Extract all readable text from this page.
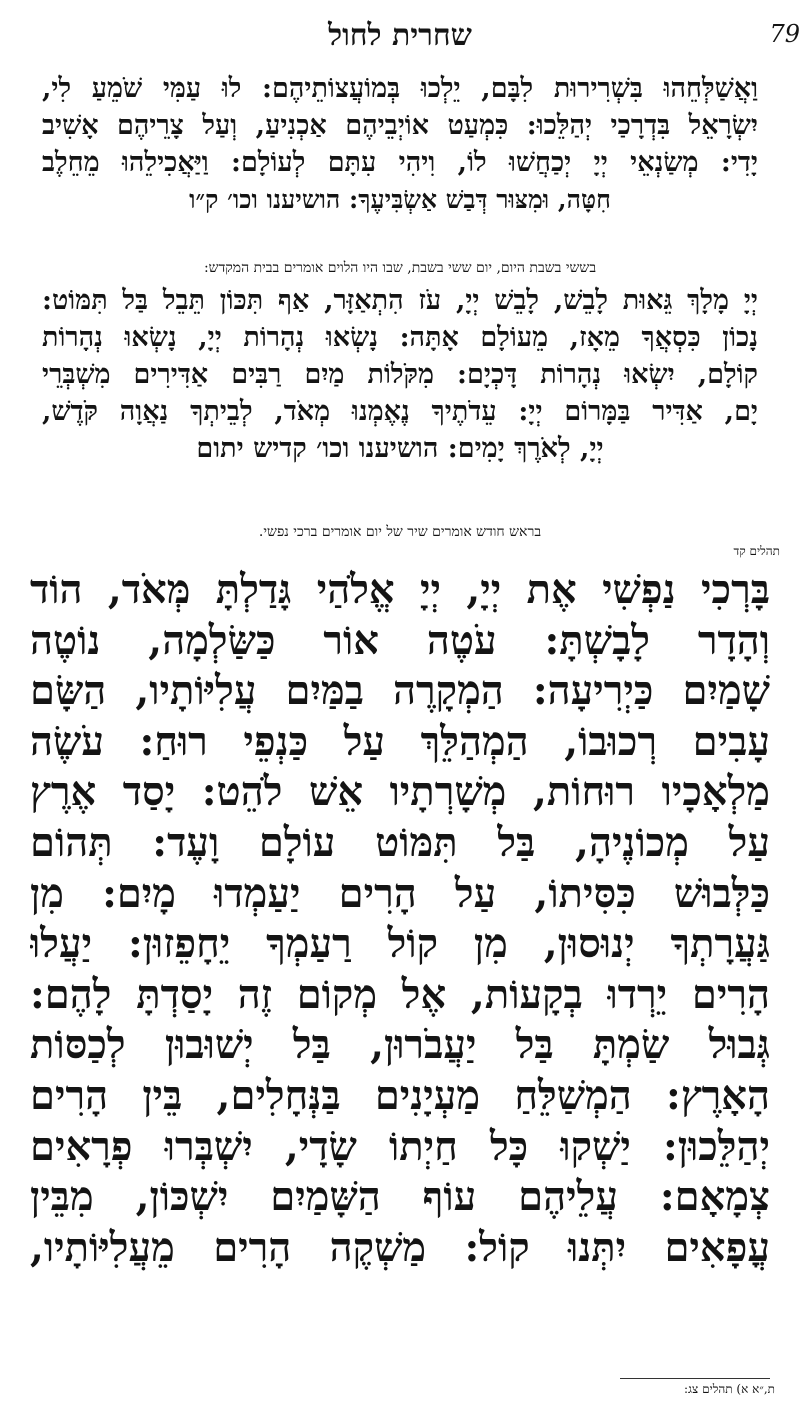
שחרית לחול	79
וַאֲשַׁלְּחֵהוּ בִּשְׁרִירוּת לִבָּם, יֵלְכוּ בְּמוֹעֲצוֹתֵיהֶם: לוּ עַמִּי שֹׁמֵעַ לִי,
יִשְׂרָאֵל בִּדְרָכַי יְהַלֵּכוּ: כִּמְעַט אוֹיְבֵיהֶם אַכְנִיעַ, וְעַל צָרֵיהֶם אָשִׁיב
יָדִי: מְשַׂנְאֵי יְיָ יְכַחֲשׁוּ לוֹ, וִיהִי עִתָּם לְעוֹלָם: וַיַּאֲכִילֵהוּ מֵחֵלֶב
חִטָּה, וּמִצּוּר דְּבַשׁ אַשְׂבִּיעֶךָ: הושיענו וכו׳ ק״ו
בששי בשבת היום, יום ששי בשבת, שבו היו הלוים אומרים בבית המקדש:
יְיָ מָלָךְ גֵּאוּת לָבֵשׁ, לָבֵשׁ יְיָ, עֹז הִתְאַזָּר, אַף תִּכּוֹן תֵּבֵל בַּל תִּמּוֹט:
נָכוֹן כִּסְאֲךָ מֵאָז, מֵעוֹלָם אָתָּה: נָשְׂאוּ נְהָרוֹת יְיָ, נָשְׂאוּ נְהָרוֹת
קוֹלָם, יִשְׂאוּ נְהָרוֹת דָּכְיָם: מִקֹּלוֹת מַיִם רַבִּים אַדִּירִים מִשְׁבְּרֵי
יָם, אַדִּיר בַּמָּרוֹם יְיָ: עֵדֹתֶיךָ נֶאֶמְנוּ מְאֹד, לְבֵיתְךָ נַאֲוָה קֹּדֶשׁ,
יְיָ, לְאֹרֶךְ יָמִים: הושיענו וכו׳ קדיש יתום
בראש חודש אומרים שיר של יום אומרים ברכי נפשי.
תהלים קד
בָּרְכִי נַפְשִׁי אֶת יְיָ, יְיָ אֱלֹהַי גָּדַלְתָּ מְּאֹד, הוֹד
וְהָדָר לָבָשְׁתָּ: עֹטֶה אוֹר כַּשַּׂלְמָה, נוֹטֶה
שָׁמַיִם כַּיְרִיעָה: הַמְקָרֶה בַמַּיִם עֲלִיּוֹתָיו, הַשָּׂם
עָבִים רְכוּבוֹ, הַמְהַלֵּךְ עַל כַּנְפֵי רוּחַ: עֹשֶׂה
מַלְאָכָיו רוּחוֹת, מְשָׁרְתָיו אֵשׁ לֹהֵט: יָסַד אֶרֶץ
עַל מְכוֹנֶיהָ, בַּל תִּמּוֹט עוֹלָם וָעֶד: תְּהוֹם
כַּלְּבוּשׁ כִּסִּיתוֹ, עַל הָרִים יַעַמְדוּ מָיִם: מִן
גַּעֲרָתְךָ יְנוּסוּן, מִן קוֹל רַעַמְךָ יֵחָפֵזוּן: יַעֲלוּ
הָרִים יֵרְדוּ בְקָעוֹת, אֶל מְקוֹם זֶה יָסַדְתָּ לָהֶם:
גְּבוּל שַׂמְתָּ בַּל יַעֲבֹרוּן, בַּל יְשׁוּבוּן לְכַסּוֹת
הָאָרֶץ: הַמְשַׁלֵּחַ מַעְיָנִים בַּנְּחָלִים, בֵּין הָרִים
יְהַלֵּכוּן: יַשְׁקוּ כָּל חַיְתוֹ שָׂדָי, יִשְׁבְּרוּ פְרָאִים
צְמָאָם: עֲלֵיהֶם עוֹף הַשָּׁמַיִם יִשְׁכּוֹן, מִבֵּין
עֳפָאִים יִתְּנוּ קוֹל: מַשְׁקֶה הָרִים מֵעֲלִיּוֹתָיו,
ת,״א א) תהלים צג:
